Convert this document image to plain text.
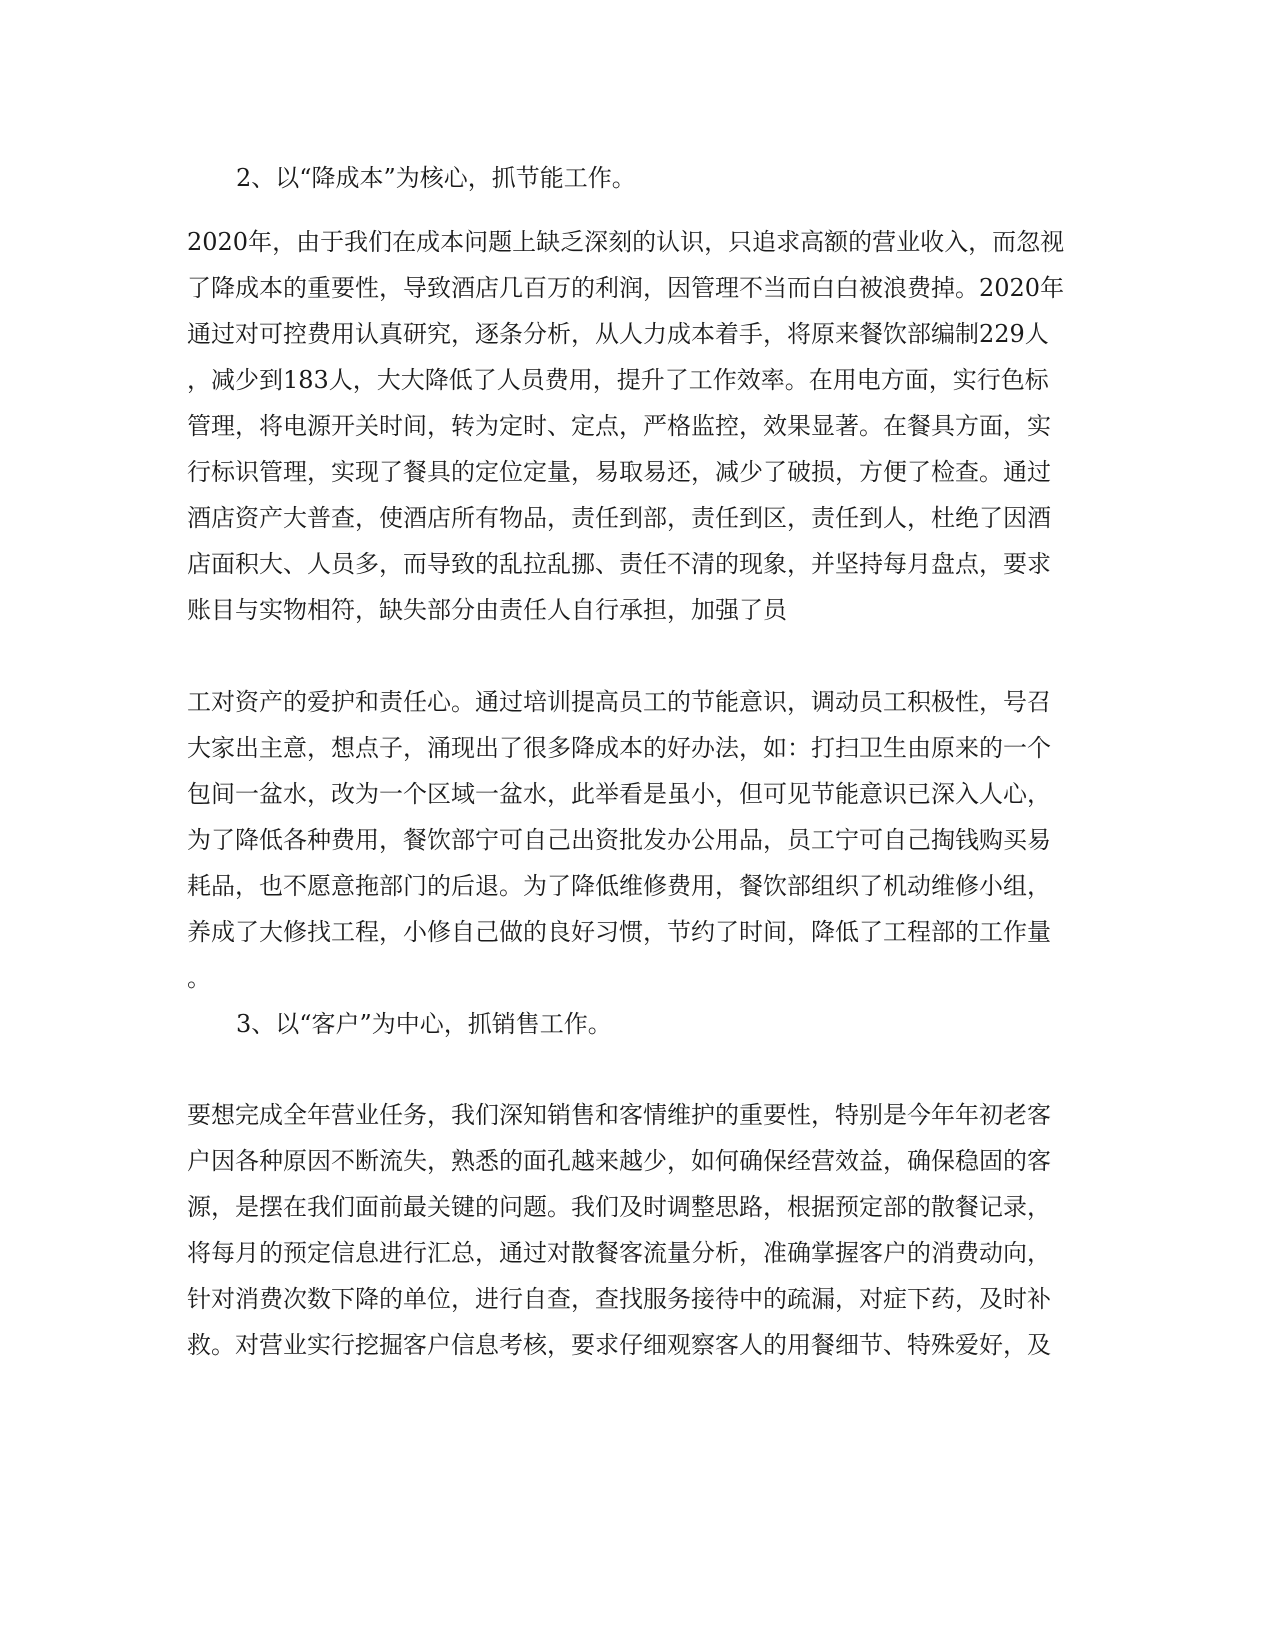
2、以“降成本”为核心，抓节能工作。
2020年，由于我们在成本问题上缺乏深刻的认识，只追求高额的营业收入，而忽视
了降成本的重要性，导致酒店几百万的利润，因管理不当而白白被浪费掉。2020年
通过对可控费用认真研究，逐条分析，从人力成本着手，将原来餐饮部编制229人
，减少到183人，大大降低了人员费用，提升了工作效率。在用电方面，实行色标
管理，将电源开关时间，转为定时、定点，严格监控，效果显著。在餐具方面，实
行标识管理，实现了餐具的定位定量，易取易还，减少了破损，方便了检查。通过
酒店资产大普查，使酒店所有物品，责任到部，责任到区，责任到人，杜绝了因酒
店面积大、人员多，而导致的乱拉乱挪、责任不清的现象，并坚持每月盘点，要求
账目与实物相符，缺失部分由责任人自行承担，加强了员
工对资产的爱护和责任心。通过培训提高员工的节能意识，调动员工积极性，号召
大家出主意，想点子，涌现出了很多降成本的好办法，如：打扫卫生由原来的一个
包间一盆水，改为一个区域一盆水，此举看是虽小，但可见节能意识已深入人心，
为了降低各种费用，餐饮部宁可自己出资批发办公用品，员工宁可自己掏钱购买易
耗品，也不愿意拖部门的后退。为了降低维修费用，餐饮部组织了机动维修小组，
养成了大修找工程，小修自己做的良好习惯，节约了时间，降低了工程部的工作量
。
3、以“客户”为中心，抓销售工作。
要想完成全年营业任务，我们深知销售和客情维护的重要性，特别是今年年初老客
户因各种原因不断流失，熟悉的面孔越来越少，如何确保经营效益，确保稳固的客
源，是摆在我们面前最关键的问题。我们及时调整思路，根据预定部的散餐记录，
将每月的预定信息进行汇总，通过对散餐客流量分析，准确掌握客户的消费动向，
针对消费次数下降的单位，进行自查，查找服务接待中的疏漏，对症下药，及时补
救。对营业实行挖掘客户信息考核，要求仔细观察客人的用餐细节、特殊爱好，及
